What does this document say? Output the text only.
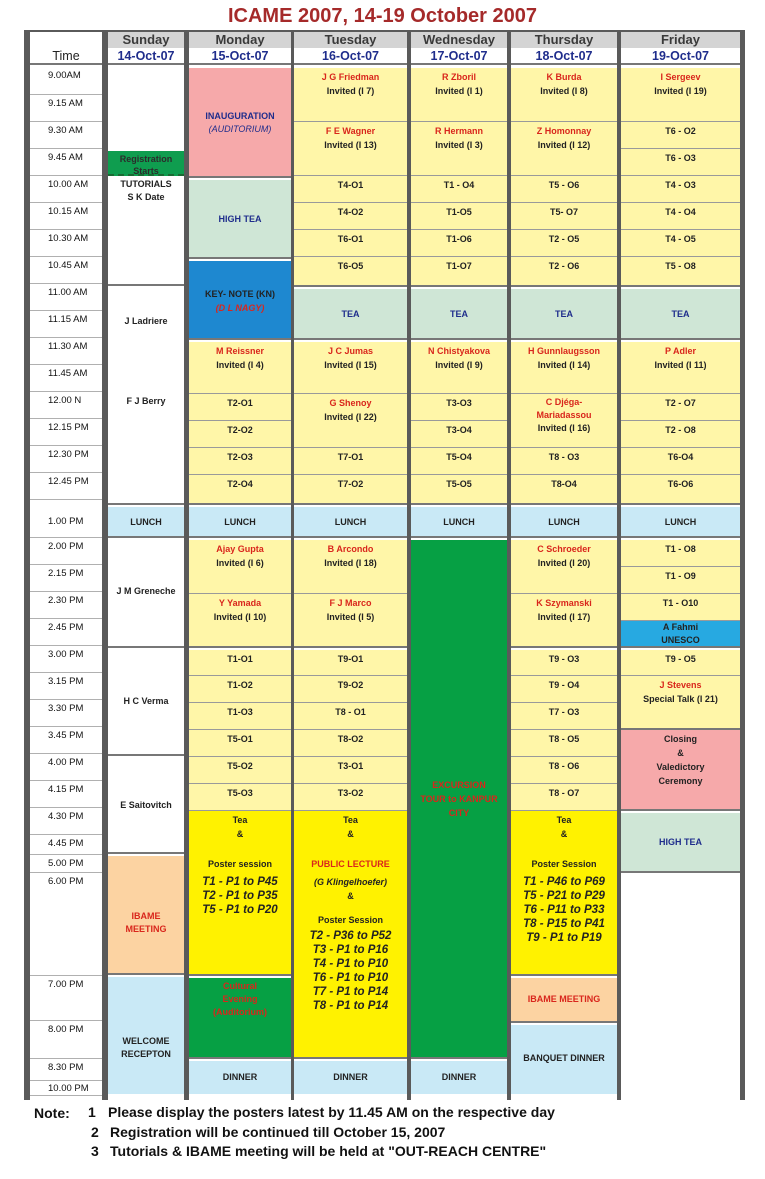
ICAME 2007, 14-19 October 2007
Time
Sunday
14-Oct-07
Monday
15-Oct-07
Tuesday
16-Oct-07
Wednesday
17-Oct-07
Thursday
18-Oct-07
Friday
19-Oct-07
9.00AM
9.15 AM
9.30 AM
9.45 AM
10.00 AM
10.15 AM
10.30 AM
10.45 AM
11.00 AM
11.15 AM
11.30 AM
11.45 AM
12.00 N
12.15 PM
12.30 PM
12.45 PM
1.00 PM
2.00 PM
2.15 PM
2.30 PM
2.45 PM
3.00 PM
3.15 PM
3.30 PM
3.45 PM
4.00 PM
4.15 PM
4.30 PM
4.45 PM
5.00 PM
6.00 PM
7.00 PM
8.00 PM
8.30 PM
10.00 PM
Registration
Starts
TUTORIALS
S K Date
J Ladriere
F J Berry
LUNCH
J M Greneche
H C Verma
E Saitovitch
IBAME
MEETING
WELCOME
RECEPTON
INAUGURATION
(AUDITORIUM)
HIGH TEA
KEY- NOTE (KN)
(D L NAGY)
M Reissner
Invited (I 4)
T2-O1
T2-O2
T2-O3
T2-O4
LUNCH
Ajay Gupta
Invited (I 6)
Y Yamada
Invited (I 10)
T1-O1
T1-O2
T1-O3
T5-O1
T5-O2
T5-O3
Tea
&
Poster session
T1 - P1 to P45
T2 - P1 to P35
T5 - P1 to P20
Cultural
Evening
(Auditorium)
DINNER
J G Friedman
Invited (I 7)
F E Wagner
Invited (I 13)
T4-O1
T4-O2
T6-O1
T6-O5
TEA
J C Jumas
Invited (I 15)
G Shenoy
Invited (I 22)
T7-O1
T7-O2
LUNCH
B Arcondo
Invited (I 18)
F J Marco
Invited (I 5)
T9-O1
T9-O2
T8 - O1
T8-O2
T3-O1
T3-O2
Tea
&
PUBLIC LECTURE
(G Klingelhoefer)
&
Poster Session
T2 - P36 to P52
T3 - P1 to P16
T4 - P1 to P10
T6 - P1 to P10
T7 - P1 to P14
T8 - P1 to P14
DINNER
R Zboril
Invited (I 1)
R Hermann
Invited (I 3)
T1 - O4
T1-O5
T1-O6
T1-O7
TEA
N Chistyakova
Invited (I 9)
T3-O3
T3-O4
T5-O4
T5-O5
LUNCH
EXCURSION
TOUR to KANPUR
CITY
DINNER
K Burda
Invited (I 8)
Z Homonnay
Invited (I 12)
T5 - O6
T5- O7
T2 - O5
T2 - O6
TEA
H Gunnlaugsson
Invited (I 14)
C Djéga-
Mariadassou
Invited (I 16)
T8 - O3
T8-O4
LUNCH
C Schroeder
Invited (I 20)
K Szymanski
Invited (I 17)
T9 - O3
T9 - O4
T7 - O3
T8 - O5
T8 - O6
T8 - O7
Tea
&
Poster Session
T1 - P46 to P69
T5 - P21 to P29
T6 - P11 to P33
T8 - P15 to P41
T9 - P1 to P19
IBAME MEETING
BANQUET DINNER
I Sergeev
Invited (I 19)
T6 - O2
T6 - O3
T4 - O3
T4 - O4
T4 - O5
T5 - O8
TEA
P Adler
Invited (I 11)
T2 - O7
T2 - O8
T6-O4
T6-O6
LUNCH
T1 - O8
T1 - O9
T1 - O10
A Fahmi
UNESCO
T9 - O5
J Stevens
Special Talk (I 21)
Closing
&
Valedictory
Ceremony
HIGH TEA
Note: 1 Please display the posters latest by 11.45 AM on the respective day
2 Registration will be continued till October 15, 2007
3 Tutorials & IBAME meeting will be held at "OUT-REACH CENTRE"
